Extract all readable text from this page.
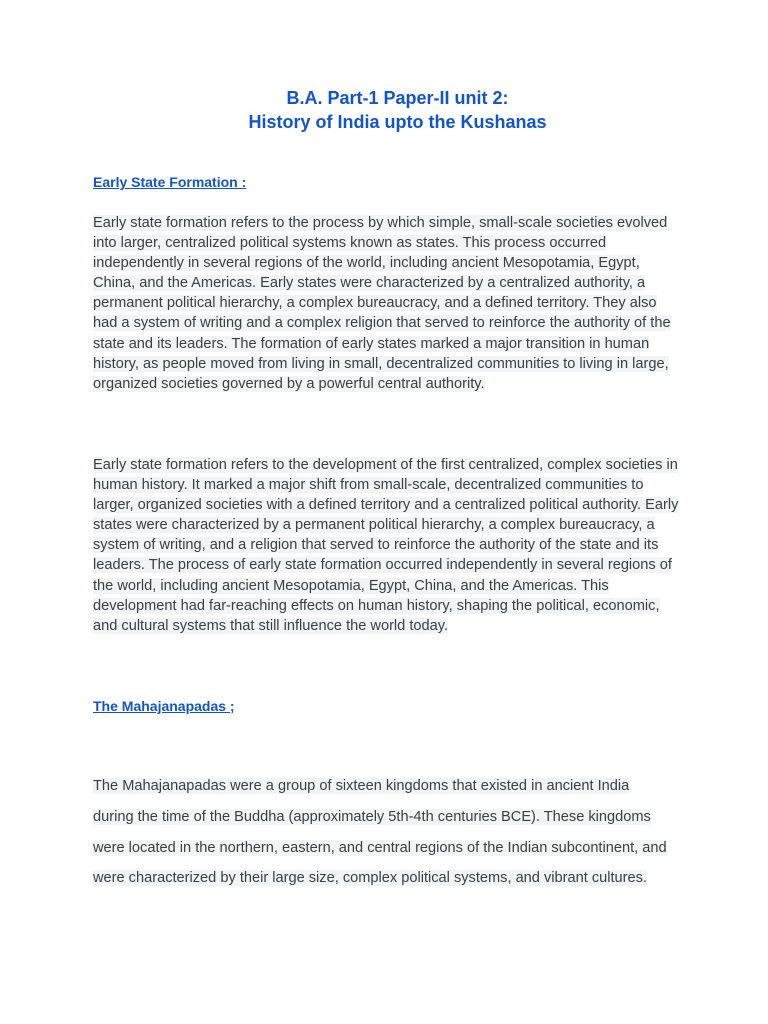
B.A. Part-1 Paper-II unit 2:
History of India upto the Kushanas
Early State Formation :

Early state formation refers to the process by which simple, small-scale societies evolved into larger, centralized political systems known as states. This process occurred independently in several regions of the world, including ancient Mesopotamia, Egypt, China, and the Americas. Early states were characterized by a centralized authority, a permanent political hierarchy, a complex bureaucracy, and a defined territory. They also had a system of writing and a complex religion that served to reinforce the authority of the state and its leaders. The formation of early states marked a major transition in human history, as people moved from living in small, decentralized communities to living in large, organized societies governed by a powerful central authority.

Early state formation refers to the development of the first centralized, complex societies in human history. It marked a major shift from small-scale, decentralized communities to larger, organized societies with a defined territory and a centralized political authority. Early states were characterized by a permanent political hierarchy, a complex bureaucracy, a system of writing, and a religion that served to reinforce the authority of the state and its leaders. The process of early state formation occurred independently in several regions of the world, including ancient Mesopotamia, Egypt, China, and the Americas. This development had far-reaching effects on human history, shaping the political, economic, and cultural systems that still influence the world today.

The Mahajanapadas ;

The Mahajanapadas were a group of sixteen kingdoms that existed in ancient India during the time of the Buddha (approximately 5th-4th centuries BCE). These kingdoms were located in the northern, eastern, and central regions of the Indian subcontinent, and were characterized by their large size, complex political systems, and vibrant cultures.
